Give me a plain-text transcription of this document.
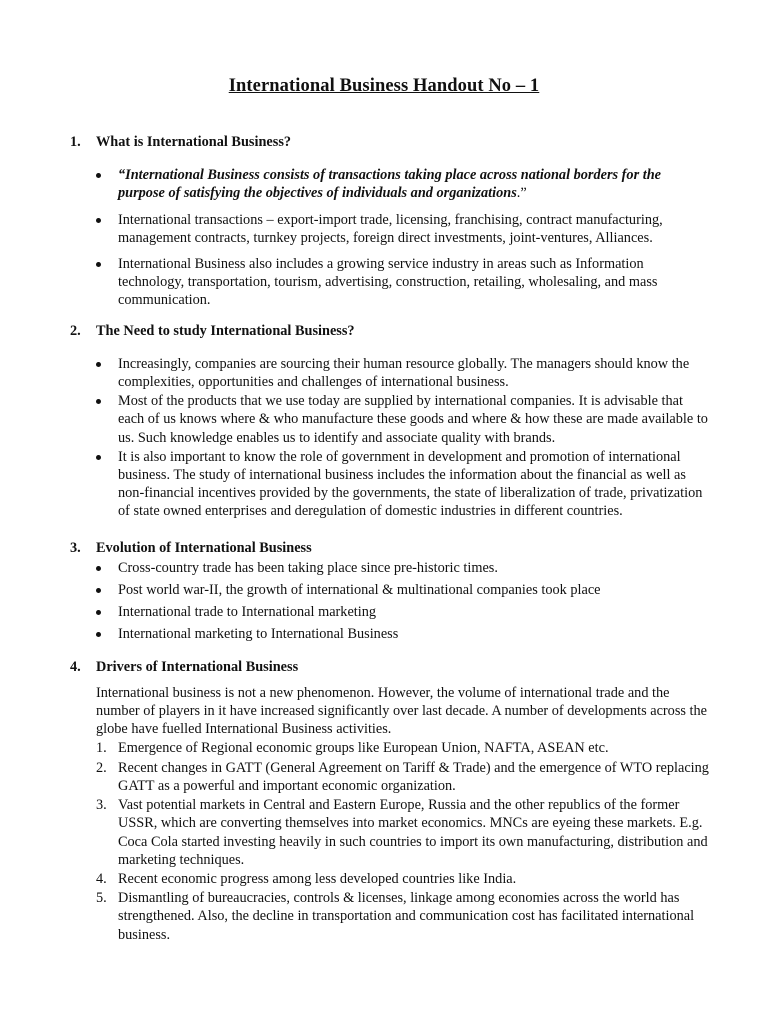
International Business Handout No – 1
1.	What is International Business?
“International Business consists of transactions taking place across national borders for the purpose of satisfying the objectives of individuals and organizations.”
International transactions – export-import trade, licensing, franchising, contract manufacturing, management contracts, turnkey projects, foreign direct investments, joint-ventures, Alliances.
International Business also includes a growing service industry in areas such as Information technology, transportation, tourism, advertising, construction, retailing, wholesaling, and mass communication.
2.	The Need to study International Business?
Increasingly, companies are sourcing their human resource globally. The managers should know the complexities, opportunities and challenges of international business.
Most of the products that we use today are supplied by international companies. It is advisable that each of us knows where & who manufacture these goods and where & how these are made available to us. Such knowledge enables us to identify and associate quality with brands.
It is also important to know the role of government in development and promotion of international business. The study of international business includes the information about the financial as well as non-financial incentives provided by the governments, the state of liberalization of trade, privatization of state owned enterprises and deregulation of domestic industries in different countries.
3.	Evolution of International Business
Cross-country trade has been taking place since pre-historic times.
Post world war-II, the growth of international & multinational companies took place
International trade to International marketing
International marketing to International Business
4.	Drivers of International Business
International business is not a new phenomenon. However, the volume of international trade and the number of players in it have increased significantly over last decade. A number of developments across the globe have fuelled International Business activities.
1. Emergence of Regional economic groups like European Union, NAFTA, ASEAN etc.
2. Recent changes in GATT (General Agreement on Tariff & Trade) and the emergence of WTO replacing GATT as a powerful and important economic organization.
3. Vast potential markets in Central and Eastern Europe, Russia and the other republics of the former USSR, which are converting themselves into market economics. MNCs are eyeing these markets. E.g. Coca Cola started investing heavily in such countries to import its own manufacturing, distribution and marketing techniques.
4. Recent economic progress among less developed countries like India.
5. Dismantling of bureaucracies, controls & licenses, linkage among economies across the world has strengthened. Also, the decline in transportation and communication cost has facilitated international business.
